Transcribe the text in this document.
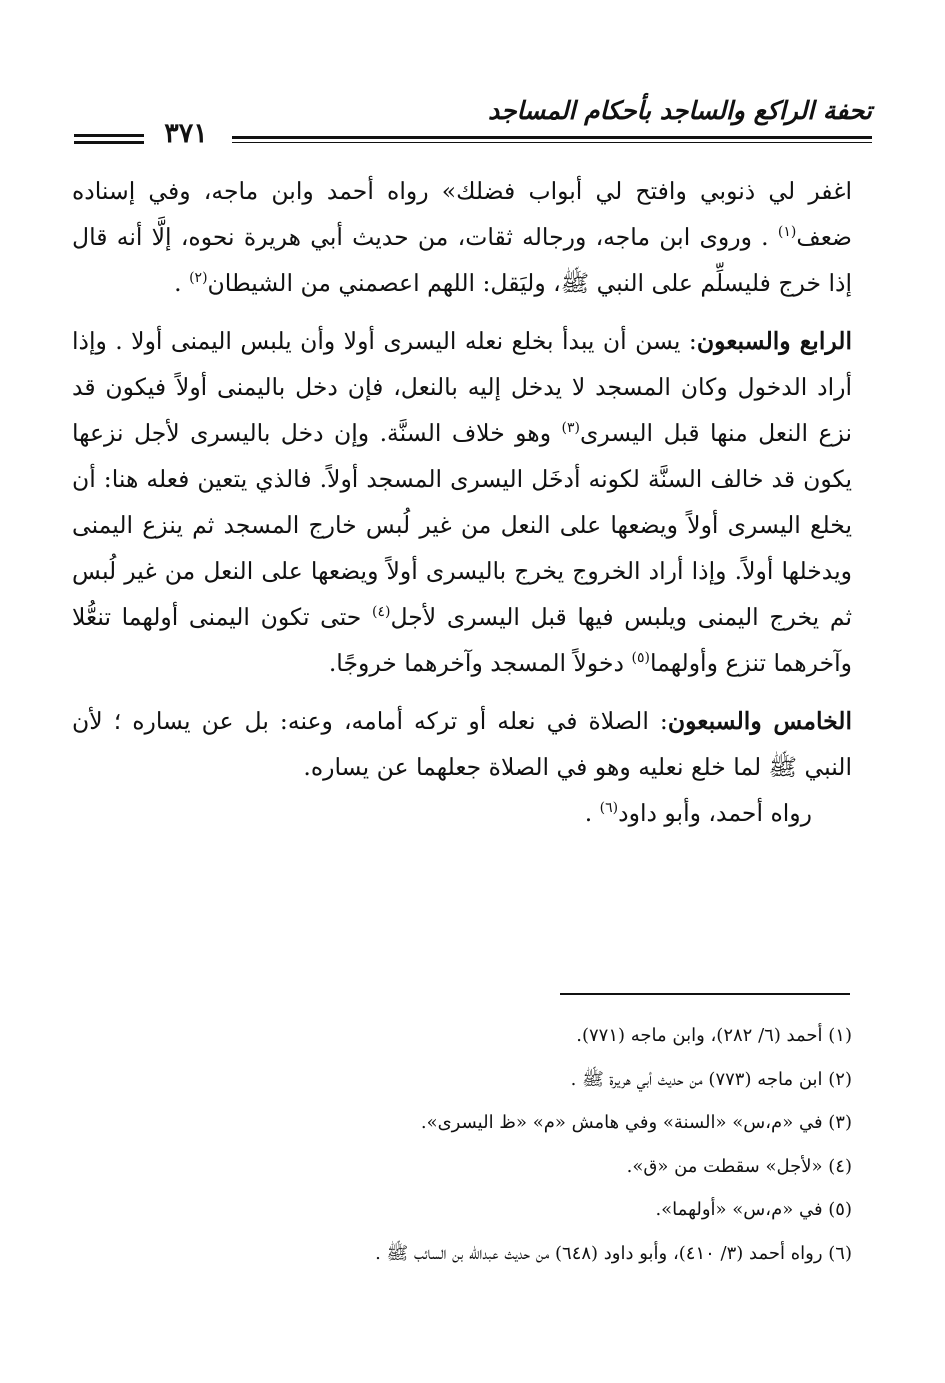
تحفة الراكع والساجد بأحكام المساجد
٣٧١

اغفر لي ذنوبي وافتح لي أبواب فضلك» رواه أحمد وابن ماجه، وفي إسناده ضعف$^{(١)}$ . وروى ابن ماجه، ورجاله ثقات، من حديث أبي هريرة نحوه، إلَّا أنه قال إذا خرج فليسلِّم على النبي ﷺ، وليَقل: اللهم اعصمني من الشيطان$^{(٢)}$ .

الرابع والسبعون: يسن أن يبدأ بخلع نعله اليسرى أولا وأن يلبس اليمنى أولا . وإذا أراد الدخول وكان المسجد لا يدخل إليه بالنعل، فإن دخل باليمنى أولاً فيكون قد نزع النعل منها قبل اليسرى$^{(٣)}$ وهو خلاف السنَّة. وإن دخل باليسرى لأجل نزعها يكون قد خالف السنَّة لكونه أدخَل اليسرى المسجد أولاً. فالذي يتعين فعله هنا: أن يخلع اليسرى أولاً ويضعها على النعل من غير لُبس خارج المسجد ثم ينزع اليمنى ويدخلها أولاً. وإذا أراد الخروج يخرج باليسرى أولاً ويضعها على النعل من غير لُبس ثم يخرج اليمنى ويلبس فيها قبل اليسرى لأجل$^{(٤)}$ حتى تكون اليمنى أولهما تنعُّلا وآخرهما تنزع وأولهما$^{(٥)}$ دخولاً المسجد وآخرهما خروجًا.

الخامس والسبعون: الصلاة في نعله أو تركه أمامه، وعنه: بل عن يساره ؛ لأن النبي ﷺ لما خلع نعليه وهو في الصلاة جعلهما عن يساره.

رواه أحمد، وأبو داود$^{(٦)}$ .

(١) أحمد (٦/ ٢٨٢)، وابن ماجه (٧٧١).
(٢) ابن ماجه (٧٧٣) من حديث أبي هريرة ﷺ .
(٣) في «م،س» «السنة» وفي هامش «م» «ظ اليسرى».
(٤) «لأجل» سقطت من «ق».
(٥) في «م،س» «أولهما».
(٦) رواه أحمد (٣/ ٤١٠)، وأبو داود (٦٤٨) من حديث عبدالله بن السائب ﷺ .
